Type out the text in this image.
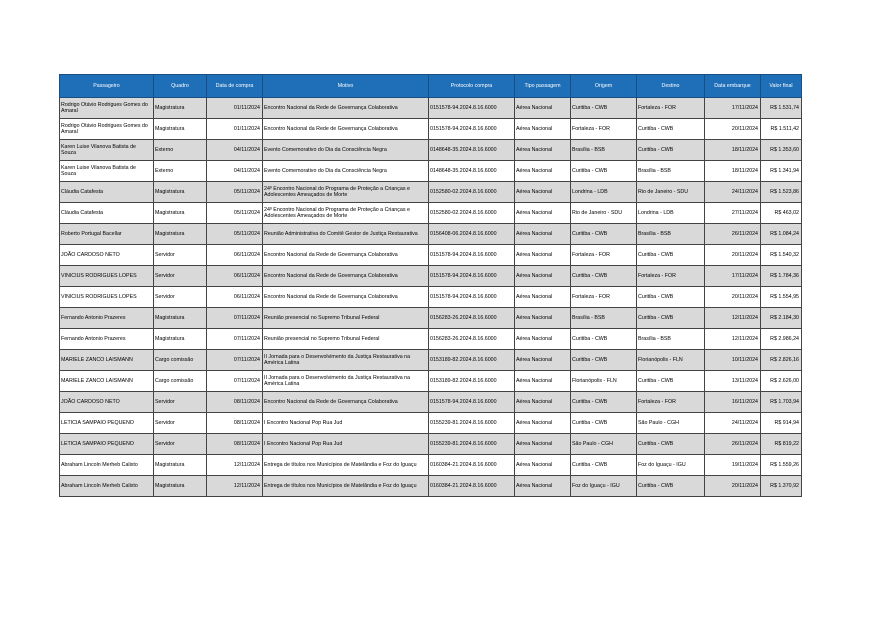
Passageiro	Quadro	Data de compra	Motivo	Protocolo compra	Tipo passagem	Origem	Destino	Data embarque	Valor final
Rodrigo Otávio Rodrigues Gomes do Amaral	Magistratura	01/11/2024	Encontro Nacional da Rede de Governança Colaborativa	0151578-94.2024.8.16.6000	Aérea Nacional	Curitiba - CWB	Fortaleza - FOR	17/11/2024	R$ 1.531,74
Rodrigo Otávio Rodrigues Gomes do Amaral	Magistratura	01/11/2024	Encontro Nacional da Rede de Governança Colaborativa	0151578-94.2024.8.16.6000	Aérea Nacional	Fortaleza - FOR	Curitiba - CWB	20/11/2024	R$ 1.511,42
Karen Luise Vilanova Batista de Souza	Externo	04/11/2024	Evento Comemorativo do Dia da Consciência Negra	0148648-35.2024.8.16.6000	Aérea Nacional	Brasília - BSB	Curitiba - CWB	18/11/2024	R$ 1.353,60
Karen Luise Vilanova Batista de Souza	Externo	04/11/2024	Evento Comemorativo do Dia da Consciência Negra	0148648-35.2024.8.16.6000	Aérea Nacional	Curitiba - CWB	Brasília - BSB	18/11/2024	R$ 1.341,94
Cláudia Catafesta	Magistratura	05/11/2024	24º Encontro Nacional do Programa de Proteção a Crianças e Adolescentes Ameaçados de Morte	0152580-02.2024.8.16.6000	Aérea Nacional	Londrina - LDB	Rio de Janeiro - SDU	24/11/2024	R$ 1.523,86
Cláudia Catafesta	Magistratura	05/11/2024	24º Encontro Nacional do Programa de Proteção a Crianças e Adolescentes Ameaçados de Morte	0152580-02.2024.8.16.6000	Aérea Nacional	Rio de Janeiro - SDU	Londrina - LDB	27/11/2024	R$ 463,02
Roberto Portugal Bacellar	Magistratura	05/11/2024	Reunião Administrativa do Comitê Gestor de Justiça Restaurativa	0156408-06.2024.8.16.6000	Aérea Nacional	Curitiba - CWB	Brasília - BSB	26/11/2024	R$ 1.084,24
JOÃO CARDOSO NETO	Servidor	06/11/2024	Encontro Nacional da Rede de Governança Colaborativa	0151578-94.2024.8.16.6000	Aérea Nacional	Fortaleza - FOR	Curitiba - CWB	20/11/2024	R$ 1.540,32
VINICIUS RODRIGUES LOPES	Servidor	06/11/2024	Encontro Nacional da Rede de Governança Colaborativa	0151578-94.2024.8.16.6000	Aérea Nacional	Curitiba - CWB	Fortaleza - FOR	17/11/2024	R$ 1.784,36
VINICIUS RODRIGUES LOPES	Servidor	06/11/2024	Encontro Nacional da Rede de Governança Colaborativa	0151578-94.2024.8.16.6000	Aérea Nacional	Fortaleza - FOR	Curitiba - CWB	20/11/2024	R$ 1.554,95
Fernando Antonio Prazeres	Magistratura	07/11/2024	Reunião presencial no Supremo Tribunal Federal	0156283-26.2024.8.16.6000	Aérea Nacional	Brasília - BSB	Curitiba - CWB	12/11/2024	R$ 2.184,30
Fernando Antonio Prazeres	Magistratura	07/11/2024	Reunião presencial no Supremo Tribunal Federal	0156283-26.2024.8.16.6000	Aérea Nacional	Curitiba - CWB	Brasília - BSB	12/11/2024	R$ 2.986,24
MARIELE ZANCO LAISMANN	Cargo comissão	07/11/2024	II Jornada para o Desenvolvimento da Justiça Restaurativa na América Latina	0153189-82.2024.8.16.6000	Aérea Nacional	Curitiba - CWB	Florianópolis - FLN	10/11/2024	R$ 2.826,16
MARIELE ZANCO LAISMANN	Cargo comissão	07/11/2024	II Jornada para o Desenvolvimento da Justiça Restaurativa na América Latina	0153189-82.2024.8.16.6000	Aérea Nacional	Florianópolis - FLN	Curitiba - CWB	13/11/2024	R$ 2.626,00
JOÃO CARDOSO NETO	Servidor	08/11/2024	Encontro Nacional da Rede de Governança Colaborativa	0151578-94.2024.8.16.6000	Aérea Nacional	Curitiba - CWB	Fortaleza - FOR	16/11/2024	R$ 1.703,94
LETICIA SAMPAIO PEQUENO	Servidor	08/11/2024	I Encontro Nacional Pop Rua Jud	0155239-81.2024.8.16.6000	Aérea Nacional	Curitiba - CWB	São Paulo - CGH	24/11/2024	R$ 914,94
LETICIA SAMPAIO PEQUENO	Servidor	08/11/2024	I Encontro Nacional Pop Rua Jud	0155239-81.2024.8.16.6000	Aérea Nacional	São Paulo - CGH	Curitiba - CWB	26/11/2024	R$ 819,22
Abraham Lincoln Merheb Calixto	Magistratura	12/11/2024	Entrega de títulos nos Municípios de Matelândia e Foz do Iguaçu	0160384-21.2024.8.16.6000	Aérea Nacional	Curitiba - CWB	Foz do Iguaçu - IGU	19/11/2024	R$ 1.559,26
Abraham Lincoln Merheb Calixto	Magistratura	12/11/2024	Entrega de títulos nos Municípios de Matelândia e Foz do Iguaçu	0160384-21.2024.8.16.6000	Aérea Nacional	Foz do Iguaçu - IGU	Curitiba - CWB	20/11/2024	R$ 1.370,92
